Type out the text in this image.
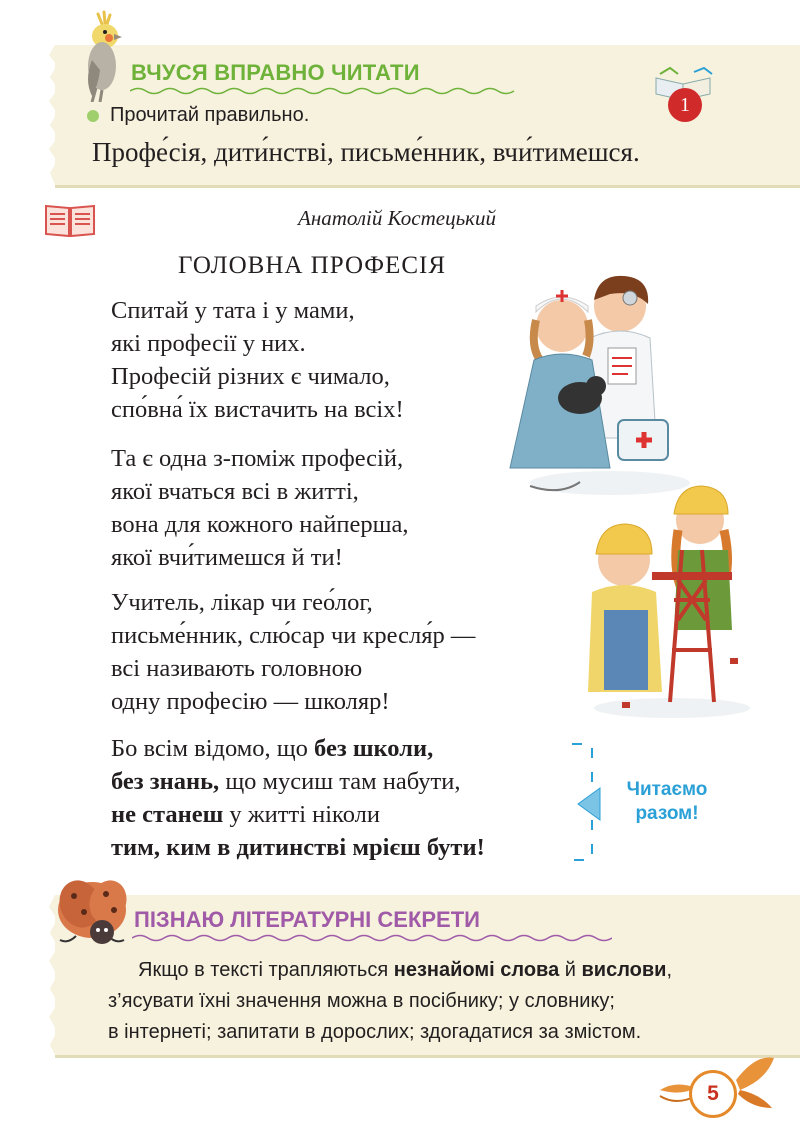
ВЧУСЯ ВПРАВНО ЧИТАТИ
1
Прочитай правильно.
Профе́сія, дити́нстві, письме́нник, вчи́тимешся.
Анатолій Костецький
ГОЛОВНА ПРОФЕСІЯ
Спитай у тата і у мами,
які професії у них.
Професій різних є чимало,
спо́вна́ їх вистачить на всіх!
Та є одна з-поміж професій,
якої вчаться всі в житті,
вона для кожного найперша,
якої вчи́тимешся й ти!
Учитель, лікар чи гео́лог,
письме́нник, слю́сар чи кресля́р —
всі називають головною
одну професію — школяр!
Бо всім відомо, що без школи,
без знань, що мусиш там набути,
не станеш у житті ніколи
тим, ким в дитинстві мрієш бути!
Читаємо
разом!
ПІЗНАЮ ЛІТЕРАТУРНІ СЕКРЕТИ
Якщо в тексті трапляються незнайомі слова й вислови,
з’ясувати їхні значення можна в посібнику; у словнику;
в інтернеті; запитати в дорослих; здогадатися за змістом.
5
